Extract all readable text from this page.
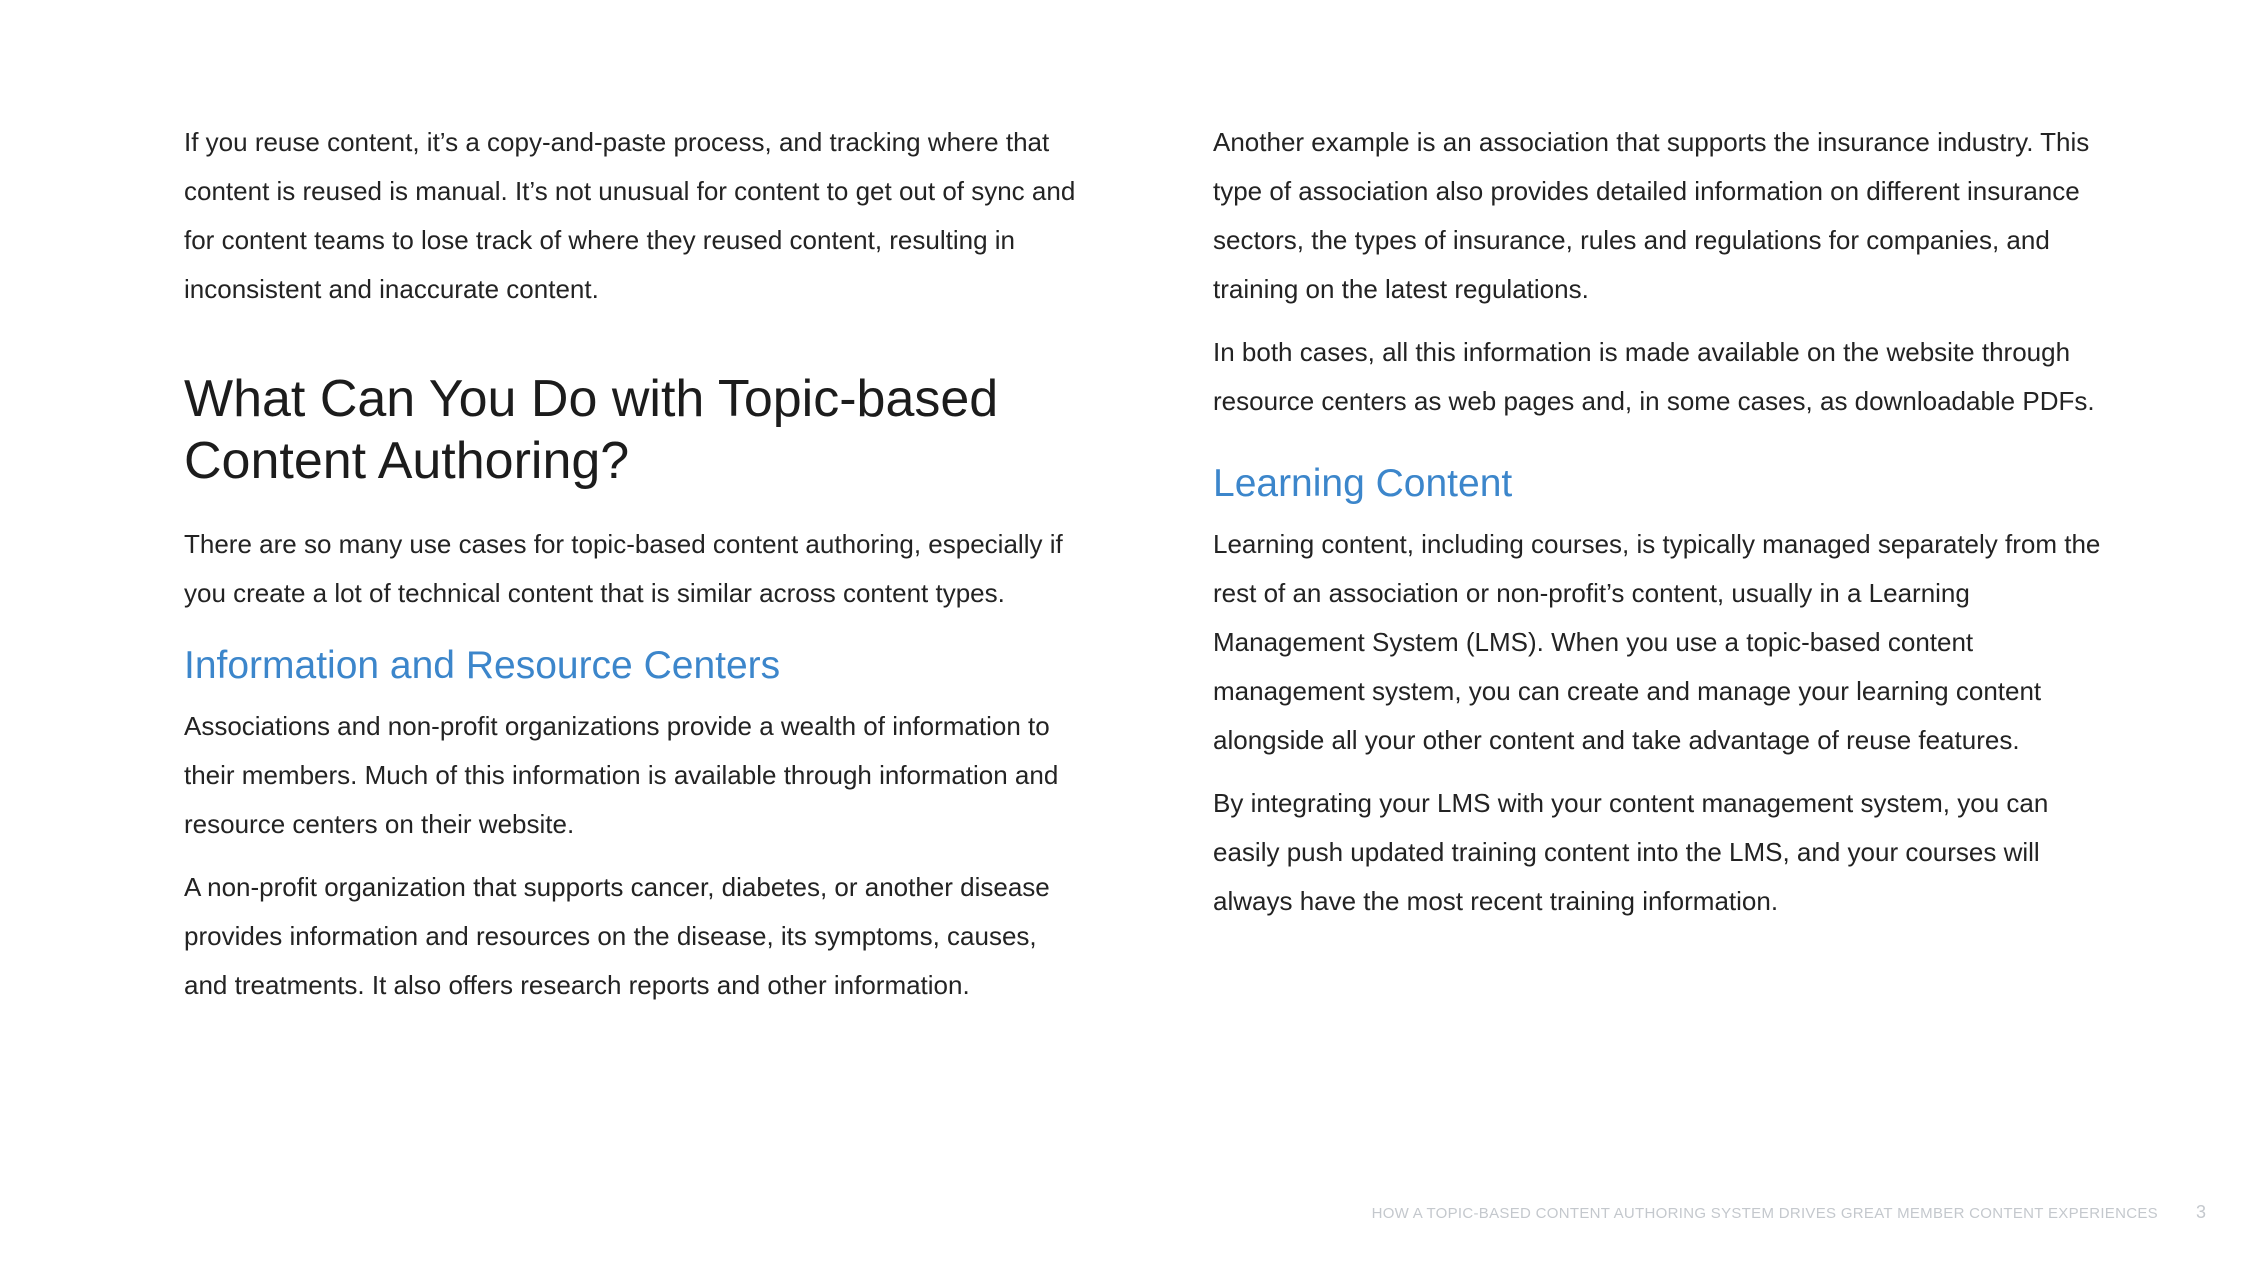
If you reuse content, it’s a copy-and-paste process, and tracking where that content is reused is manual. It’s not unusual for content to get out of sync and for content teams to lose track of where they reused content, resulting in inconsistent and inaccurate content.

What Can You Do with Topic-based Content Authoring?

There are so many use cases for topic-based content authoring, especially if you create a lot of technical content that is similar across content types.

Information and Resource Centers

Associations and non-profit organizations provide a wealth of information to their members. Much of this information is available through information and resource centers on their website.

A non-profit organization that supports cancer, diabetes, or another disease provides information and resources on the disease, its symptoms, causes, and treatments. It also offers research reports and other information.

Another example is an association that supports the insurance industry. This type of association also provides detailed information on different insurance sectors, the types of insurance, rules and regulations for companies, and training on the latest regulations.

In both cases, all this information is made available on the website through resource centers as web pages and, in some cases, as downloadable PDFs.

Learning Content

Learning content, including courses, is typically managed separately from the rest of an association or non-profit’s content, usually in a Learning Management System (LMS). When you use a topic-based content management system, you can create and manage your learning content alongside all your other content and take advantage of reuse features.

By integrating your LMS with your content management system, you can easily push updated training content into the LMS, and your courses will always have the most recent training information.

HOW A TOPIC-BASED CONTENT AUTHORING SYSTEM DRIVES GREAT MEMBER CONTENT EXPERIENCES 3
